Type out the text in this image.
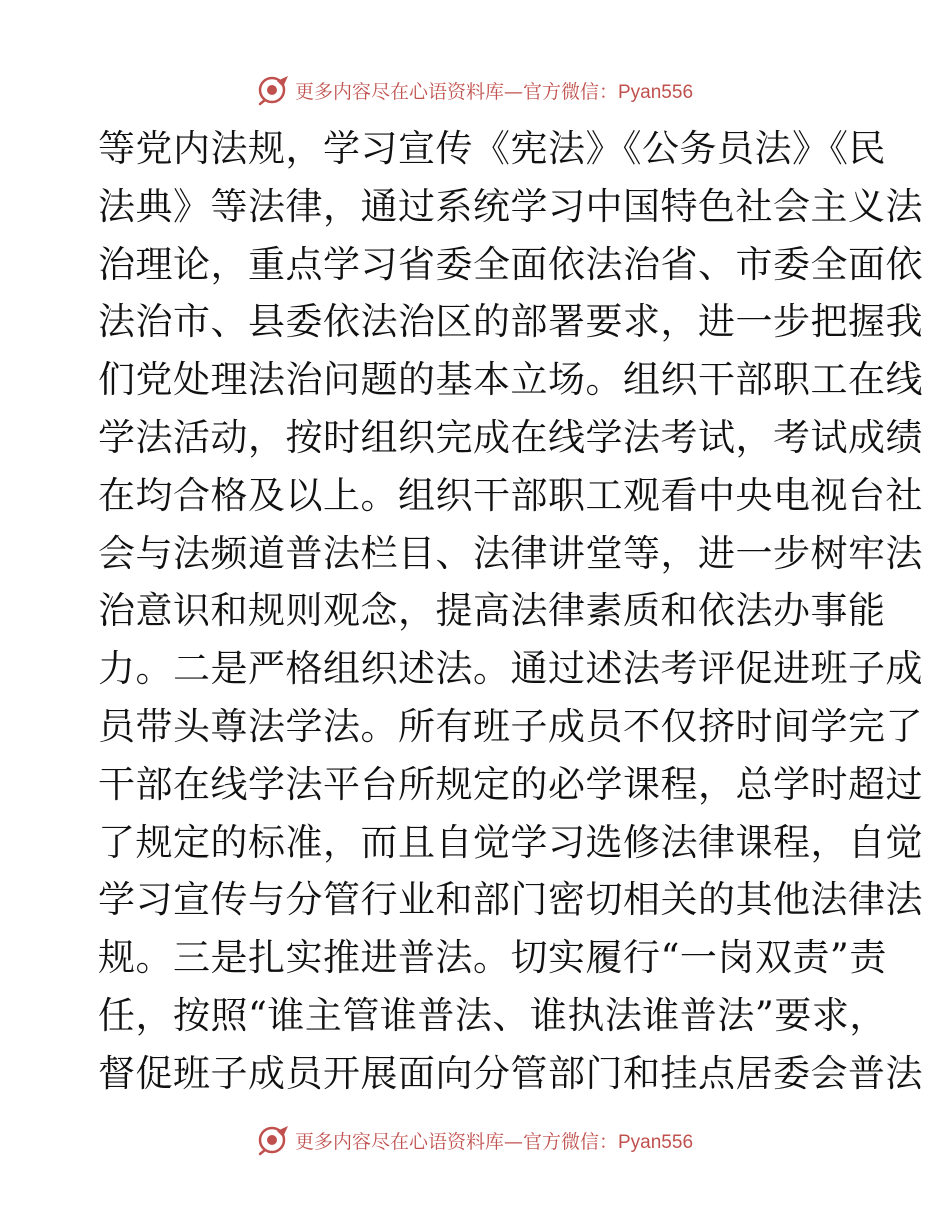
更多内容尽在心语资料库—官方微信：Pyan556
等党内法规，学习宣传《宪法》《公务员法》《民
法典》等法律，通过系统学习中国特色社会主义法
治理论，重点学习省委全面依法治省、市委全面依
法治市、县委依法治区的部署要求，进一步把握我
们党处理法治问题的基本立场。组织干部职工在线
学法活动，按时组织完成在线学法考试，考试成绩
在均合格及以上。组织干部职工观看中央电视台社
会与法频道普法栏目、法律讲堂等，进一步树牢法
治意识和规则观念，提高法律素质和依法办事能
力。二是严格组织述法。通过述法考评促进班子成
员带头尊法学法。所有班子成员不仅挤时间学完了
干部在线学法平台所规定的必学课程，总学时超过
了规定的标准，而且自觉学习选修法律课程，自觉
学习宣传与分管行业和部门密切相关的其他法律法
规。三是扎实推进普法。切实履行“一岗双责”责
任，按照“谁主管谁普法、谁执法谁普法”要求，
督促班子成员开展面向分管部门和挂点居委会普法
更多内容尽在心语资料库—官方微信：Pyan556
